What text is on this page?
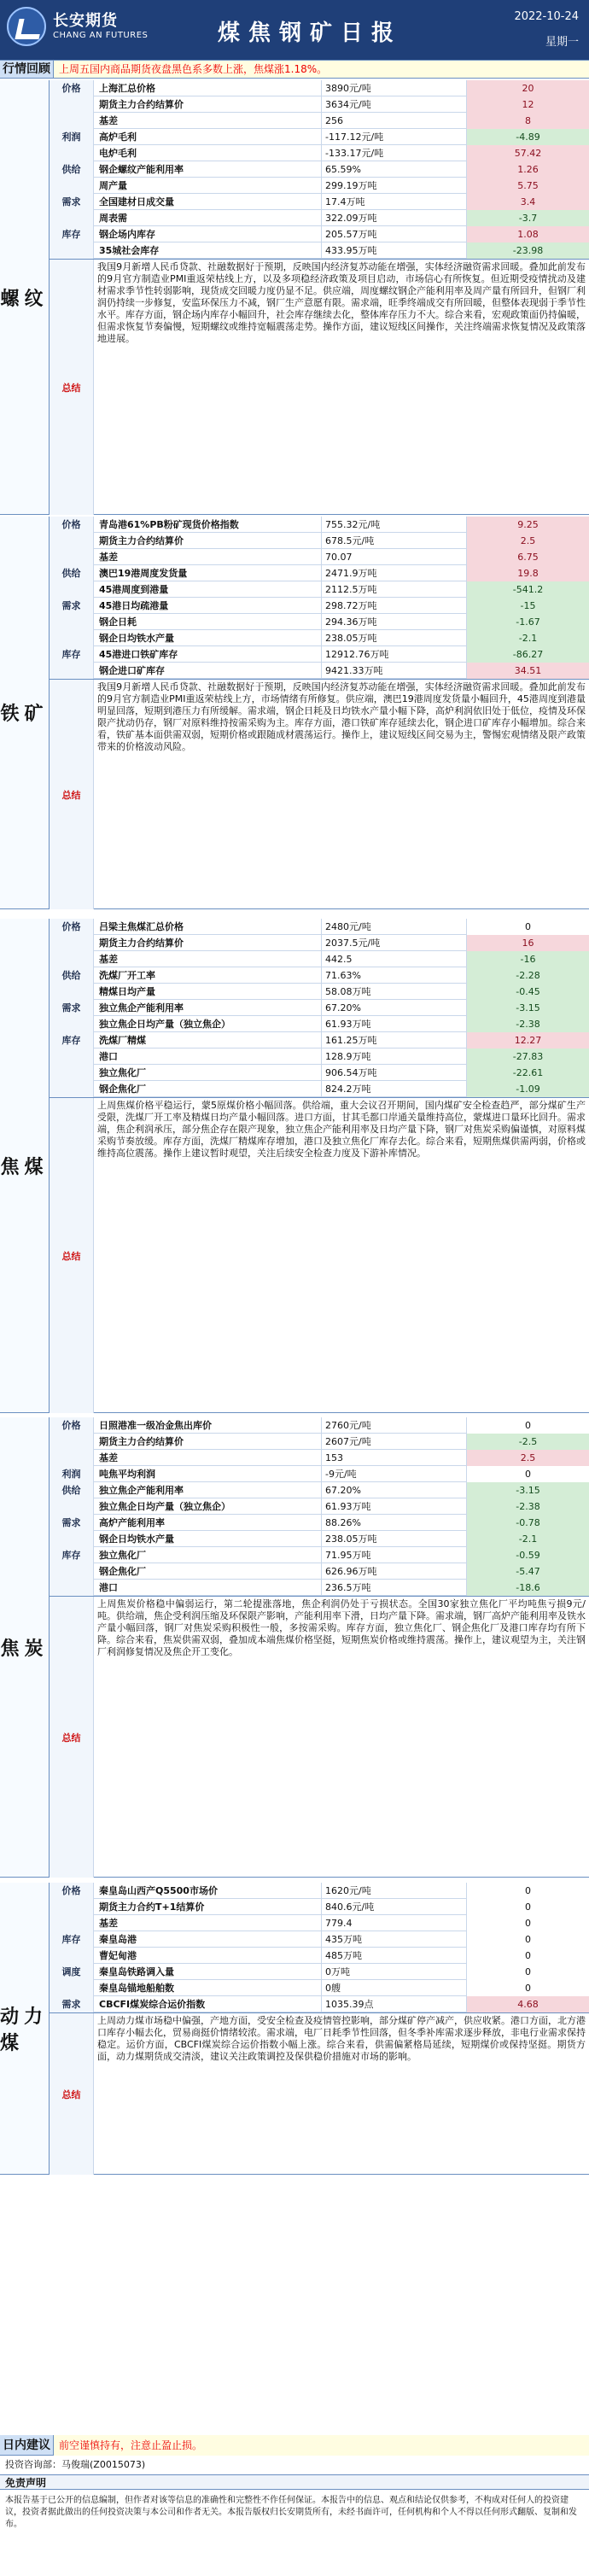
长安期货
CHANG AN FUTURES	煤焦钢矿日报
2022-10-24
星期一
行情回顾 上周五国内商品期货夜盘黑色系多数上涨，焦煤涨1.18%。
螺纹
价格	上海汇总价格	3890元/吨	20
期货主力合约结算价	3634元/吨	12
基差	256	8
利润	高炉毛利	-117.12元/吨	-4.89
电炉毛利	-133.17元/吨	57.42
供给	钢企螺纹产能利用率	65.59%	1.26
周产量	299.19万吨	5.75
需求	全国建材日成交量	17.4万吨	3.4
周表需	322.09万吨	-3.7
库存	钢企场内库存	205.57万吨	1.08
35城社会库存	433.95万吨	-23.98
总结
我国9月新增人民币贷款、社融数据好于预期，反映国内经济复苏动能在增强，实体经济融资需求回暖。叠加此前发布的9月官方制造业PMI重返荣枯线上方，以及多项稳经济政策及项目启动，市场信心有所恢复。但近期受疫情扰动及建材需求季节性转弱影响，现货成交回暖力度仍显不足。供应端，周度螺纹钢企产能利用率及周产量有所回升，但钢厂利润仍持续一步修复，安监环保压力不减，钢厂生产意愿有限。需求端，旺季终端成交有所回暖，但整体表现弱于季节性水平。库存方面，钢企场内库存小幅回升，社会库存继续去化，整体库存压力不大。综合来看，宏观政策面仍持偏暖，但需求恢复节奏偏慢，短期螺纹或维持宽幅震荡走势。操作方面，建议短线区间操作，关注终端需求恢复情况及政策落地进展。
铁矿
价格	青岛港61%PB粉矿现货价格指数	755.32元/吨	9.25
期货主力合约结算价	678.5元/吨	2.5
基差	70.07	6.75
供给	澳巴19港周度发货量	2471.9万吨	19.8
45港周度到港量	2112.5万吨	-541.2
需求	45港日均疏港量	298.72万吨	-15
钢企日耗	294.36万吨	-1.67
钢企日均铁水产量	238.05万吨	-2.1
库存	45港进口铁矿库存	12912.76万吨	-86.27
钢企进口矿库存	9421.33万吨	34.51
总结
我国9月新增人民币贷款、社融数据好于预期，反映国内经济复苏动能在增强，实体经济融资需求回暖。叠加此前发布的9月官方制造业PMI重返荣枯线上方，市场情绪有所修复。供应端，澳巴19港周度发货量小幅回升，45港周度到港量明显回落，短期到港压力有所缓解。需求端，钢企日耗及日均铁水产量小幅下降，高炉利润依旧处于低位，疫情及环保限产扰动仍存，钢厂对原料维持按需采购为主。库存方面，港口铁矿库存延续去化，钢企进口矿库存小幅增加。综合来看，铁矿基本面供需双弱，短期价格或跟随成材震荡运行。操作上，建议短线区间交易为主，警惕宏观情绪及限产政策带来的价格波动风险。
焦煤
价格	吕梁主焦煤汇总价格	2480元/吨	0
期货主力合约结算价	2037.5元/吨	16
基差	442.5	-16
供给	洗煤厂开工率	71.63%	-2.28
精煤日均产量	58.08万吨	-0.45
需求	独立焦企产能利用率	67.20%	-3.15
独立焦企日均产量（独立焦企）	61.93万吨	-2.38
库存	洗煤厂精煤	161.25万吨	12.27
港口	128.9万吨	-27.83
独立焦化厂	906.54万吨	-22.61
钢企焦化厂	824.2万吨	-1.09
总结
上周焦煤价格平稳运行，蒙5原煤价格小幅回落。供给端，重大会议召开期间，国内煤矿安全检查趋严，部分煤矿生产受限，洗煤厂开工率及精煤日均产量小幅回落。进口方面，甘其毛都口岸通关量维持高位，蒙煤进口量环比回升。需求端，焦企利润承压，部分焦企存在限产现象，独立焦企产能利用率及日均产量下降，钢厂对焦炭采购偏谨慎，对原料煤采购节奏放缓。库存方面，洗煤厂精煤库存增加，港口及独立焦化厂库存去化。综合来看，短期焦煤供需两弱，价格或维持高位震荡。操作上建议暂时观望，关注后续安全检查力度及下游补库情况。
焦炭
价格	日照港准一级冶金焦出库价	2760元/吨	0
期货主力合约结算价	2607元/吨	-2.5
基差	153	2.5
利润	吨焦平均利润	-9元/吨	0
供给	独立焦企产能利用率	67.20%	-3.15
独立焦企日均产量（独立焦企）	61.93万吨	-2.38
需求	高炉产能利用率	88.26%	-0.78
钢企日均铁水产量	238.05万吨	-2.1
库存	独立焦化厂	71.95万吨	-0.59
钢企焦化厂	626.96万吨	-5.47
港口	236.5万吨	-18.6
总结
上周焦炭价格稳中偏弱运行，第二轮提涨落地，焦企利润仍处于亏损状态。全国30家独立焦化厂平均吨焦亏损9元/吨。供给端，焦企受利润压缩及环保限产影响，产能利用率下滑，日均产量下降。需求端，钢厂高炉产能利用率及铁水产量小幅回落，钢厂对焦炭采购积极性一般，多按需采购。库存方面，独立焦化厂、钢企焦化厂及港口库存均有所下降。综合来看，焦炭供需双弱，叠加成本端焦煤价格坚挺，短期焦炭价格或维持震荡。操作上，建议观望为主，关注钢厂利润修复情况及焦企开工变化。
动力煤
价格	秦皇岛山西产Q5500市场价	1620元/吨	0
期货主力合约T+1结算价	840.6元/吨	0
基差	779.4	0
库存	秦皇岛港	435万吨	0
曹妃甸港	485万吨	0
调度	秦皇岛铁路调入量	0万吨	0
秦皇岛锚地船舶数	0艘	0
需求	CBCFI煤炭综合运价指数	1035.39点	4.68
总结
上周动力煤市场稳中偏强，产地方面，受安全检查及疫情管控影响，部分煤矿停产减产，供应收紧。港口方面，北方港口库存小幅去化，贸易商挺价情绪较浓。需求端，电厂日耗季节性回落，但冬季补库需求逐步释放，非电行业需求保持稳定。运价方面，CBCFI煤炭综合运价指数小幅上涨。综合来看，供需偏紧格局延续，短期煤价或保持坚挺。期货方面，动力煤期货成交清淡，建议关注政策调控及保供稳价措施对市场的影响。
日内建议 前空谨慎持有，注意止盈止损。
投资咨询部：马俊瑞(Z0015073)
免责声明
本报告基于已公开的信息编制，但作者对该等信息的准确性和完整性不作任何保证。本报告中的信息、观点和结论仅供参考，不构成对任何人的投资建议，投资者据此做出的任何投资决策与本公司和作者无关。本报告版权归长安期货所有，未经书面许可，任何机构和个人不得以任何形式翻版、复制和发布。
